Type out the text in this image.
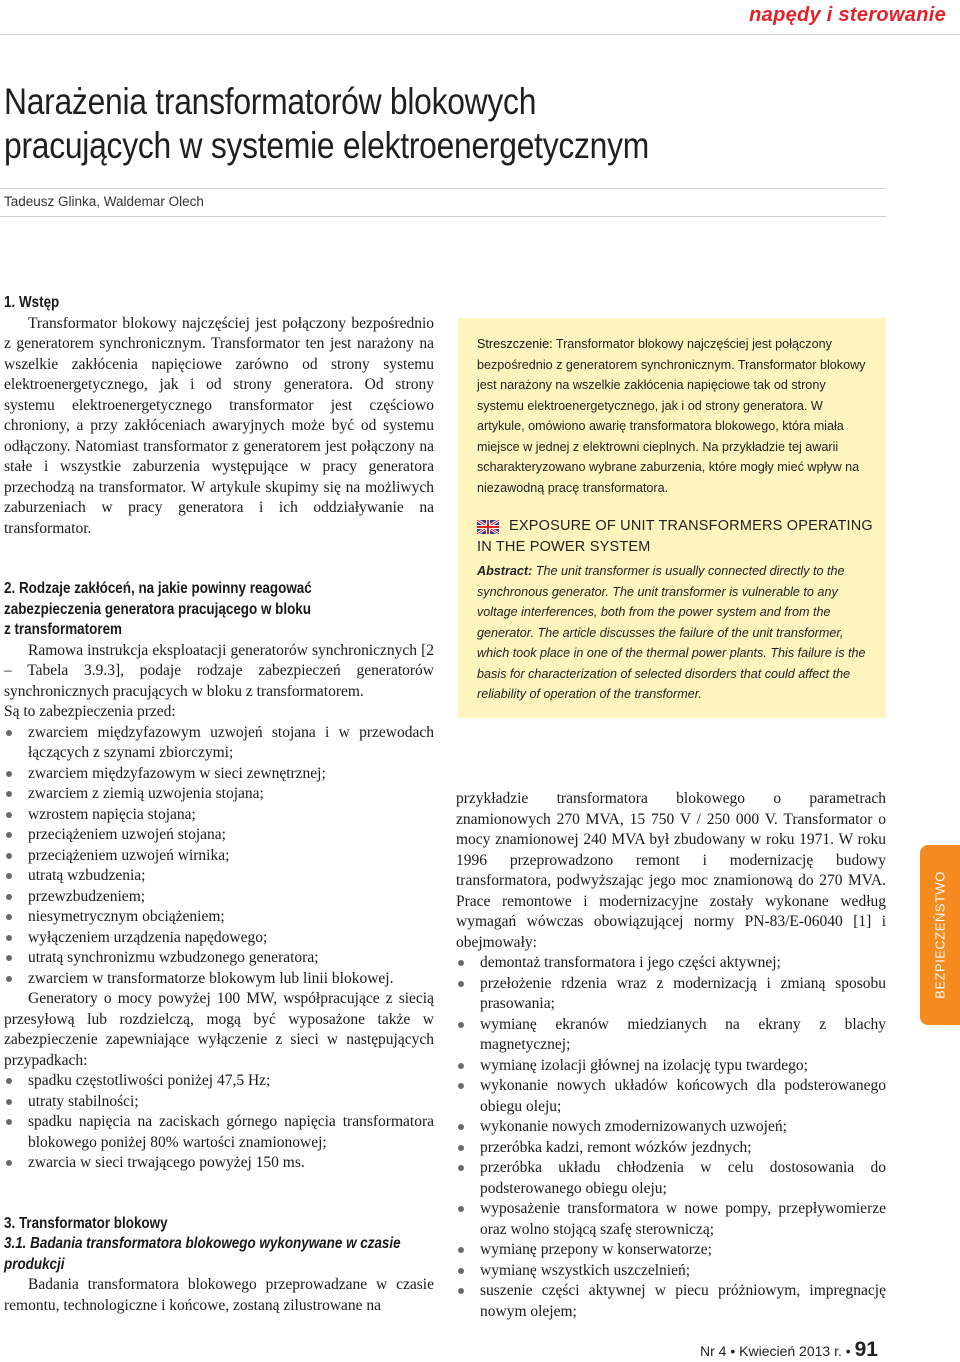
napędy i sterowanie
Narażenia transformatorów blokowych
pracujących w systemie elektroenergetycznym
Tadeusz Glinka, Waldemar Olech
1. Wstęp

Transformator blokowy najczęściej jest połączony bezpośrednio z generatorem synchronicznym. Transformator ten jest narażony na wszelkie zakłócenia napięciowe zarówno od strony systemu elektroenergetycznego, jak i od strony generatora. Od strony systemu elektroenergetycznego transformator jest częściowo chroniony, a przy zakłóceniach awaryjnych może być od systemu odłączony. Natomiast transformator z generatorem jest połączony na stałe i wszystkie zaburzenia występujące w pracy generatora przechodzą na transformator. W artykule skupimy się na możliwych zaburzeniach w pracy generatora i ich oddziaływanie na transformator.

2. Rodzaje zakłóceń, na jakie powinny reagować
zabezpieczenia generatora pracującego w bloku
z transformatorem

Ramowa instrukcja eksploatacji generatorów synchronicznych [2 – Tabela 3.9.3], podaje rodzaje zabezpieczeń generatorów synchronicznych pracujących w bloku z transformatorem.

Są to zabezpieczenia przed:

zwarciem międzyfazowym uzwojeń stojana i w przewodach łączących z szynami zbiorczymi;
zwarciem międzyfazowym w sieci zewnętrznej;
zwarciem z ziemią uzwojenia stojana;
wzrostem napięcia stojana;
przeciążeniem uzwojeń stojana;
przeciążeniem uzwojeń wirnika;
utratą wzbudzenia;
przewzbudzeniem;
niesymetrycznym obciążeniem;
wyłączeniem urządzenia napędowego;
utratą synchronizmu wzbudzonego generatora;
zwarciem w transformatorze blokowym lub linii blokowej.

Generatory o mocy powyżej 100 MW, współpracujące z siecią przesyłową lub rozdzielczą, mogą być wyposażone także w zabezpieczenie zapewniające wyłączenie z sieci w następujących przypadkach:

spadku częstotliwości poniżej 47,5 Hz;
utraty stabilności;
spadku napięcia na zaciskach górnego napięcia transformatora blokowego poniżej 80% wartości znamionowej;
zwarcia w sieci trwającego powyżej 150 ms.
3. Transformator blokowy
3.1. Badania transformatora blokowego wykonywane w czasie
produkcji

Badania transformatora blokowego przeprowadzane w czasie remontu, technologiczne i końcowe, zostaną zilustrowane na

Streszczenie: Transformator blokowy najczęściej jest połączony bezpośrednio z generatorem synchronicznym. Transformator blokowy jest narażony na wszelkie zakłócenia napięciowe tak od strony systemu elektroenergetycznego, jak i od strony generatora. W artykule, omówiono awarię transformatora blokowego, która miała miejsce w jednej z elektrowni cieplnych. Na przykładzie tej awarii scharakteryzowano wybrane zaburzenia, które mogły mieć wpływ na niezawodną pracę transformatora.
EXPOSURE OF UNIT TRANSFORMERS OPERATING
IN THE POWER SYSTEM
Abstract: The unit transformer is usually connected directly to the synchronous generator. The unit transformer is vulnerable to any voltage interferences, both from the power system and from the generator. The article discusses the failure of the unit transformer, which took place in one of the thermal power plants. This failure is the basis for characterization of selected disorders that could affect the reliability of operation of the transformer.

przykładzie transformatora blokowego o parametrach znamionowych 270 MVA, 15 750 V / 250 000 V. Transformator o mocy znamionowej 240 MVA był zbudowany w roku 1971. W roku 1996 przeprowadzono remont i modernizację budowy transformatora, podwyższając jego moc znamionową do 270 MVA. Prace remontowe i modernizacyjne zostały wykonane według wymagań wówczas obowiązującej normy PN-83/E-06040 [1] i obejmowały:

demontaż transformatora i jego części aktywnej;
przełożenie rdzenia wraz z modernizacją i zmianą sposobu prasowania;
wymianę ekranów miedzianych na ekrany z blachy magnetycznej;
wymianę izolacji głównej na izolację typu twardego;
wykonanie nowych układów końcowych dla podsterowanego obiegu oleju;
wykonanie nowych zmodernizowanych uzwojeń;
przeróbka kadzi, remont wózków jezdnych;
przeróbka układu chłodzenia w celu dostosowania do podsterowanego obiegu oleju;
wyposażenie transformatora w nowe pompy, przepływomierze oraz wolno stojącą szafę sterowniczą;
wymianę przepony w konserwatorze;
wymianę wszystkich uszczelnień;
suszenie części aktywnej w piecu próżniowym, impregnację nowym olejem;
BEZPIECZEŃSTWO
Nr 4 • Kwiecień 2013 r. • 91
